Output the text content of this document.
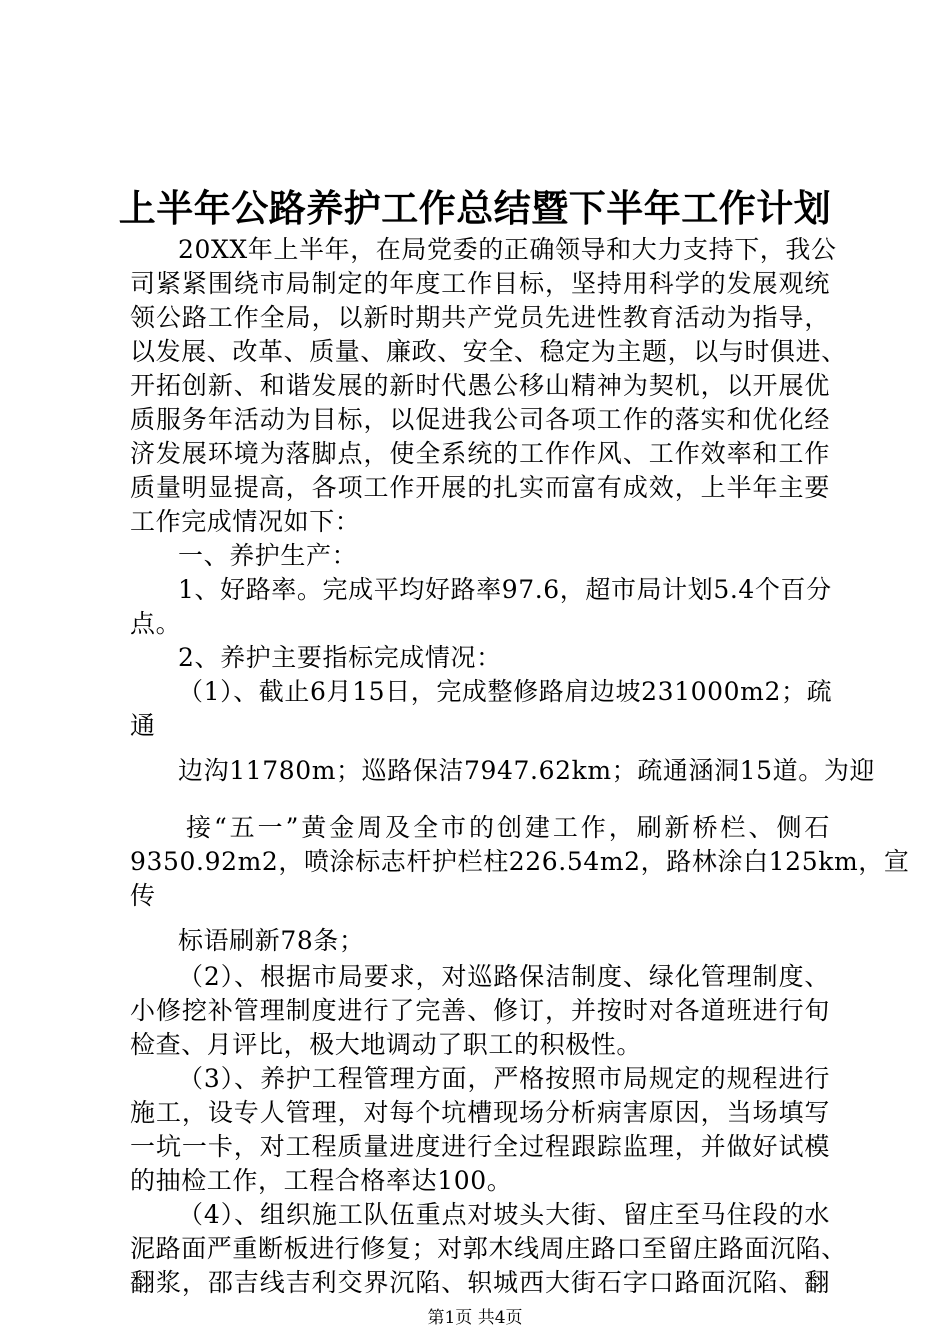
上半年公路养护工作总结暨下半年工作计划
20XX年上半年，在局党委的正确领导和大力支持下，我公
司紧紧围绕市局制定的年度工作目标，坚持用科学的发展观统
领公路工作全局，以新时期共产党员先进性教育活动为指导，
以发展、改革、质量、廉政、安全、稳定为主题，以与时俱进、
开拓创新、和谐发展的新时代愚公移山精神为契机，以开展优
质服务年活动为目标，以促进我公司各项工作的落实和优化经
济发展环境为落脚点，使全系统的工作作风、工作效率和工作
质量明显提高，各项工作开展的扎实而富有成效，上半年主要
工作完成情况如下：
一、养护生产：
1、好路率。完成平均好路率97.6，超市局计划5.4个百分
点。
2、养护主要指标完成情况：
（1）、截止6月15日，完成整修路肩边坡231000m2；疏
通
边沟11780m；巡路保洁7947.62km；疏通涵洞15道。为迎
接“五一”黄金周及全市的创建工作，刷新桥栏、侧石
9350.92m2，喷涂标志杆护栏柱226.54m2，路林涂白125km，宣
传
标语刷新78条；
（2）、根据市局要求，对巡路保洁制度、绿化管理制度、
小修挖补管理制度进行了完善、修订，并按时对各道班进行旬
检查、月评比，极大地调动了职工的积极性。
（3）、养护工程管理方面，严格按照市局规定的规程进行
施工，设专人管理，对每个坑槽现场分析病害原因，当场填写
一坑一卡，对工程质量进度进行全过程跟踪监理，并做好试模
的抽检工作，工程合格率达100。
（4）、组织施工队伍重点对坡头大街、留庄至马住段的水
泥路面严重断板进行修复；对郭木线周庄路口至留庄路面沉陷、
翻浆，邵吉线吉利交界沉陷、轵城西大街石字口路面沉陷、翻
第1页 共4页
